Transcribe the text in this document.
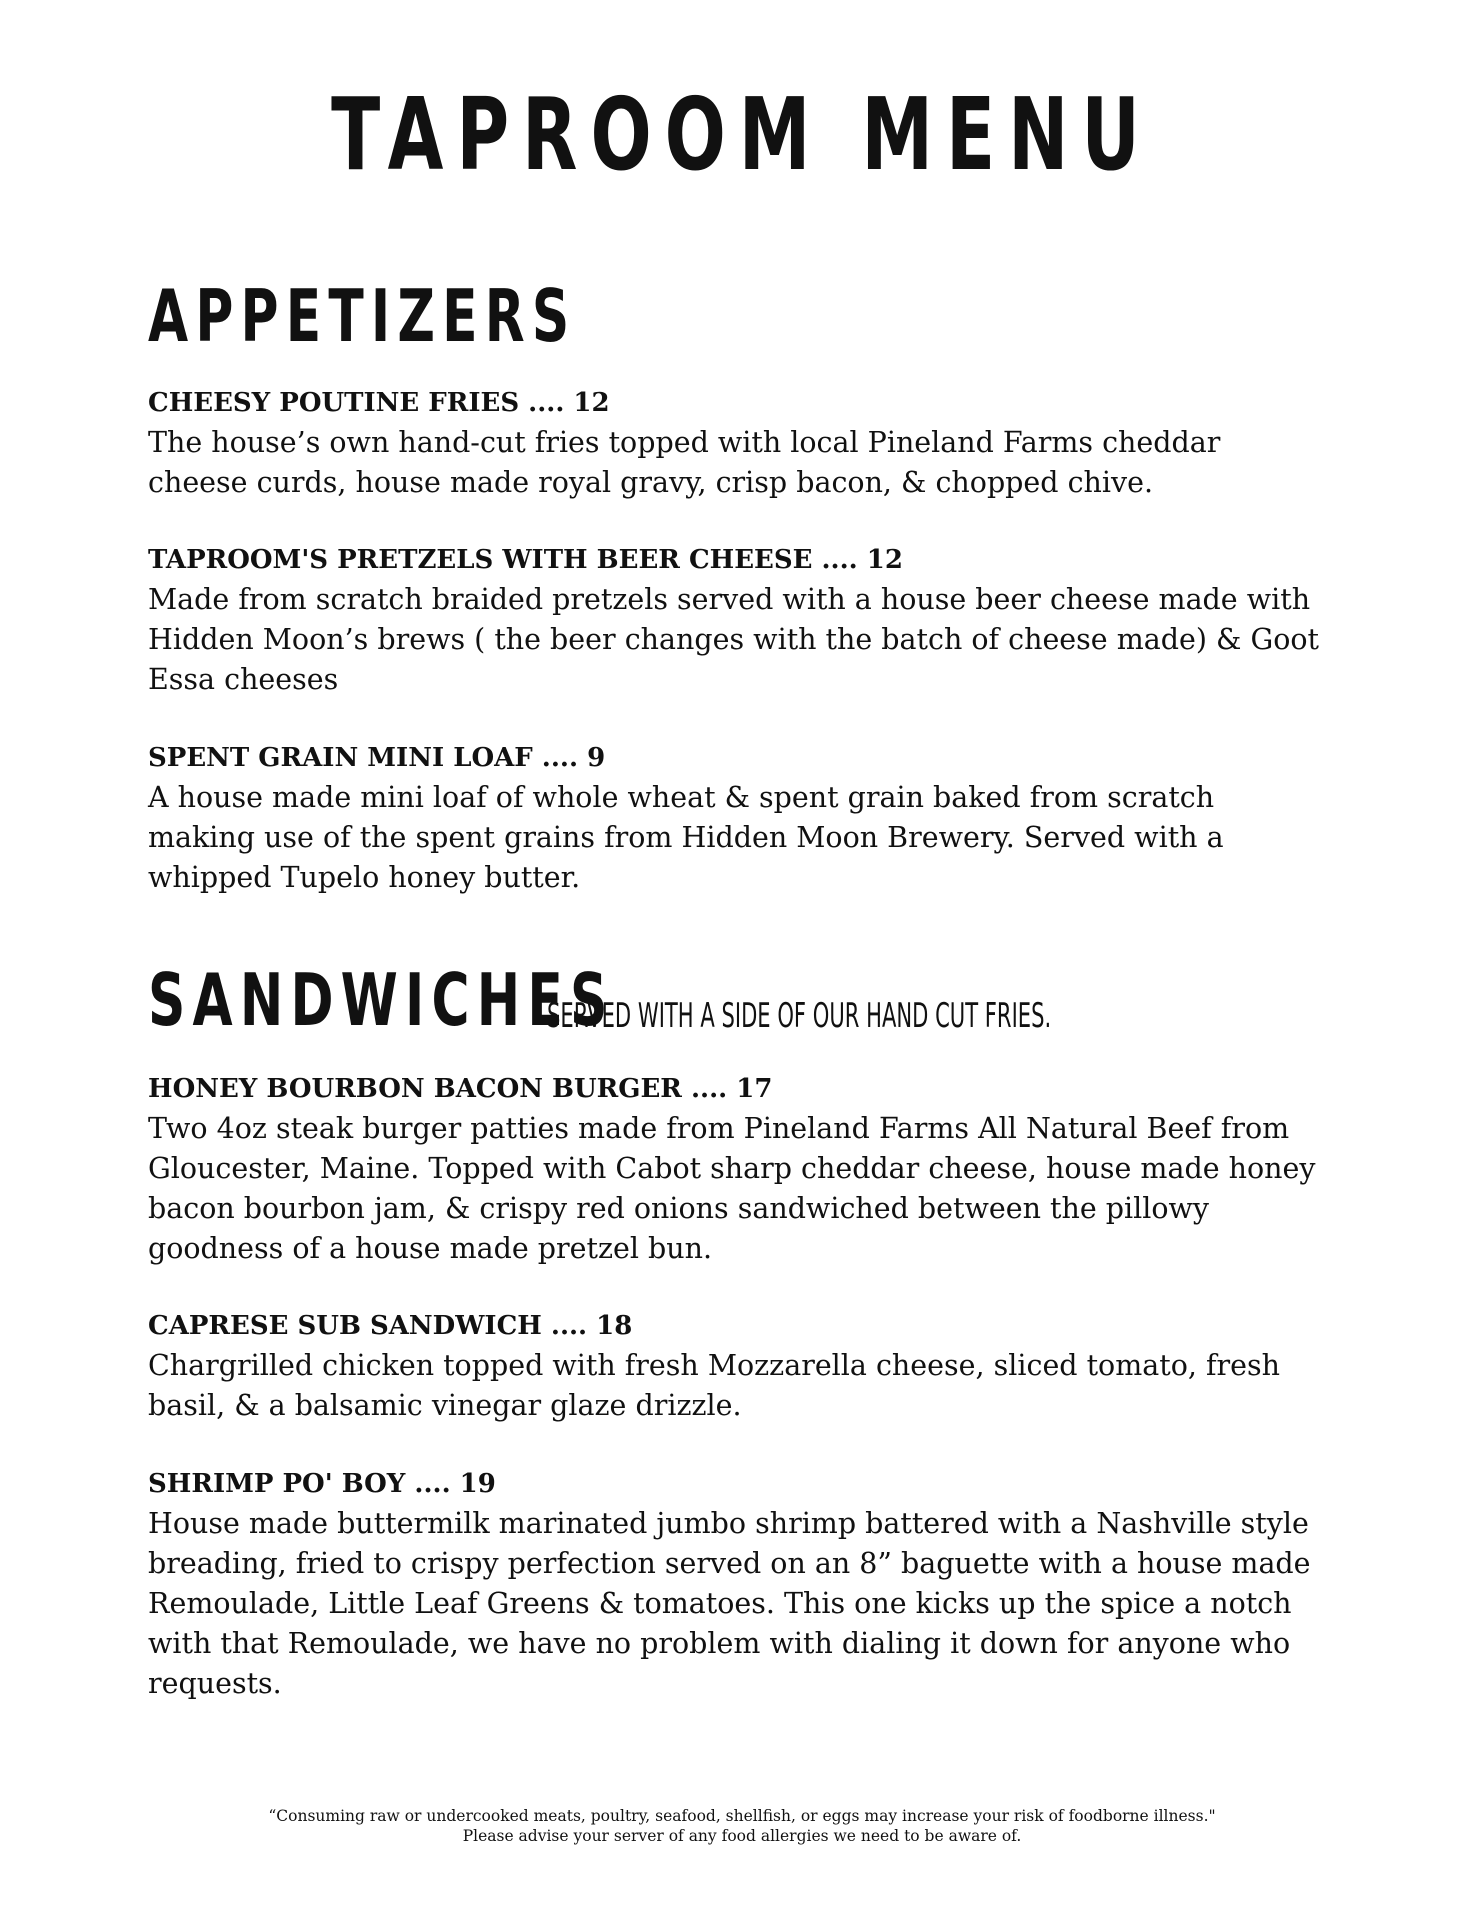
TAPROOM MENU
APPETIZERS

CHEESY POUTINE FRIES .... 12

The house’s own hand-cut fries topped with local Pineland Farms cheddar
cheese curds, house made royal gravy, crisp bacon, & chopped chive.

TAPROOM'S PRETZELS WITH BEER CHEESE .... 12

Made from scratch braided pretzels served with a house beer cheese made with
Hidden Moon’s brews ( the beer changes with the batch of cheese made) & Goot
Essa cheeses

SPENT GRAIN MINI LOAF .... 9

A house made mini loaf of whole wheat & spent grain baked from scratch
making use of the spent grains from Hidden Moon Brewery. Served with a
whipped Tupelo honey butter.

SANDWICHES
SERVED WITH A SIDE OF OUR HAND CUT FRIES.

HONEY BOURBON BACON BURGER .... 17

Two 4oz steak burger patties made from Pineland Farms All Natural Beef from
Gloucester, Maine. Topped with Cabot sharp cheddar cheese, house made honey
bacon bourbon jam, & crispy red onions sandwiched between the pillowy
goodness of a house made pretzel bun.

CAPRESE SUB SANDWICH .... 18

Chargrilled chicken topped with fresh Mozzarella cheese, sliced tomato, fresh
basil, & a balsamic vinegar glaze drizzle.

SHRIMP PO' BOY .... 19

House made buttermilk marinated jumbo shrimp battered with a Nashville style
breading, fried to crispy perfection served on an 8” baguette with a house made
Remoulade, Little Leaf Greens & tomatoes. This one kicks up the spice a notch
with that Remoulade, we have no problem with dialing it down for anyone who
requests.

“Consuming raw or undercooked meats, poultry, seafood, shellfish, or eggs may increase your risk of foodborne illness."
Please advise your server of any food allergies we need to be aware of.
